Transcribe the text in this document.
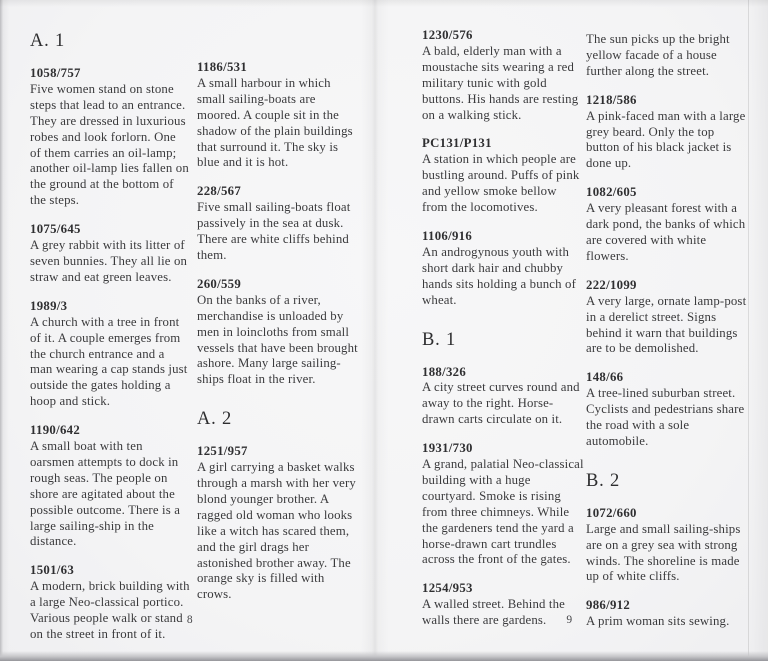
A. 1
1058/757
Five women stand on stone steps that lead to an entrance. They are dressed in luxurious robes and look forlorn. One of them carries an oil-lamp; another oil-lamp lies fallen on the ground at the bottom of the steps.
1075/645
A grey rabbit with its litter of seven bunnies. They all lie on straw and eat green leaves.
1989/3
A church with a tree in front of it. A couple emerges from the church entrance and a man wearing a cap stands just outside the gates holding a hoop and stick.
1190/642
A small boat with ten oarsmen attempts to dock in rough seas. The people on shore are agitated about the possible outcome. There is a large sailing-ship in the distance.
1501/63
A modern, brick building with a large Neo-classical portico. Various people walk or stand on the street in front of it.
1186/531
A small harbour in which small sailing-boats are moored. A couple sit in the shadow of the plain buildings that surround it. The sky is blue and it is hot.
228/567
Five small sailing-boats float passively in the sea at dusk. There are white cliffs behind them.
260/559
On the banks of a river, merchandise is unloaded by men in loincloths from small vessels that have been brought ashore. Many large sailing-ships float in the river.
A. 2
1251/957
A girl carrying a basket walks through a marsh with her very blond younger brother. A ragged old woman who looks like a witch has scared them, and the girl drags her astonished brother away. The orange sky is filled with crows.
8
1230/576
A bald, elderly man with a moustache sits wearing a red military tunic with gold buttons. His hands are resting on a walking stick.
PC131/P131
A station in which people are bustling around. Puffs of pink and yellow smoke bellow from the locomotives.
1106/916
An androgynous youth with short dark hair and chubby hands sits holding a bunch of wheat.
B. 1
188/326
A city street curves round and away to the right. Horse-drawn carts circulate on it.
1931/730
A grand, palatial Neo-classical building with a huge courtyard. Smoke is rising from three chimneys. While the gardeners tend the yard a horse-drawn cart trundles across the front of the gates.
1254/953
A walled street. Behind the walls there are gardens.
The sun picks up the bright yellow facade of a house further along the street.
1218/586
A pink-faced man with a large grey beard. Only the top button of his black jacket is done up.
1082/605
A very pleasant forest with a dark pond, the banks of which are covered with white flowers.
222/1099
A very large, ornate lamp-post in a derelict street. Signs behind it warn that buildings are to be demolished.
148/66
A tree-lined suburban street. Cyclists and pedestrians share the road with a sole automobile.
B. 2
1072/660
Large and small sailing-ships are on a grey sea with strong winds. The shoreline is made up of white cliffs.
986/912
A prim woman sits sewing.
9
